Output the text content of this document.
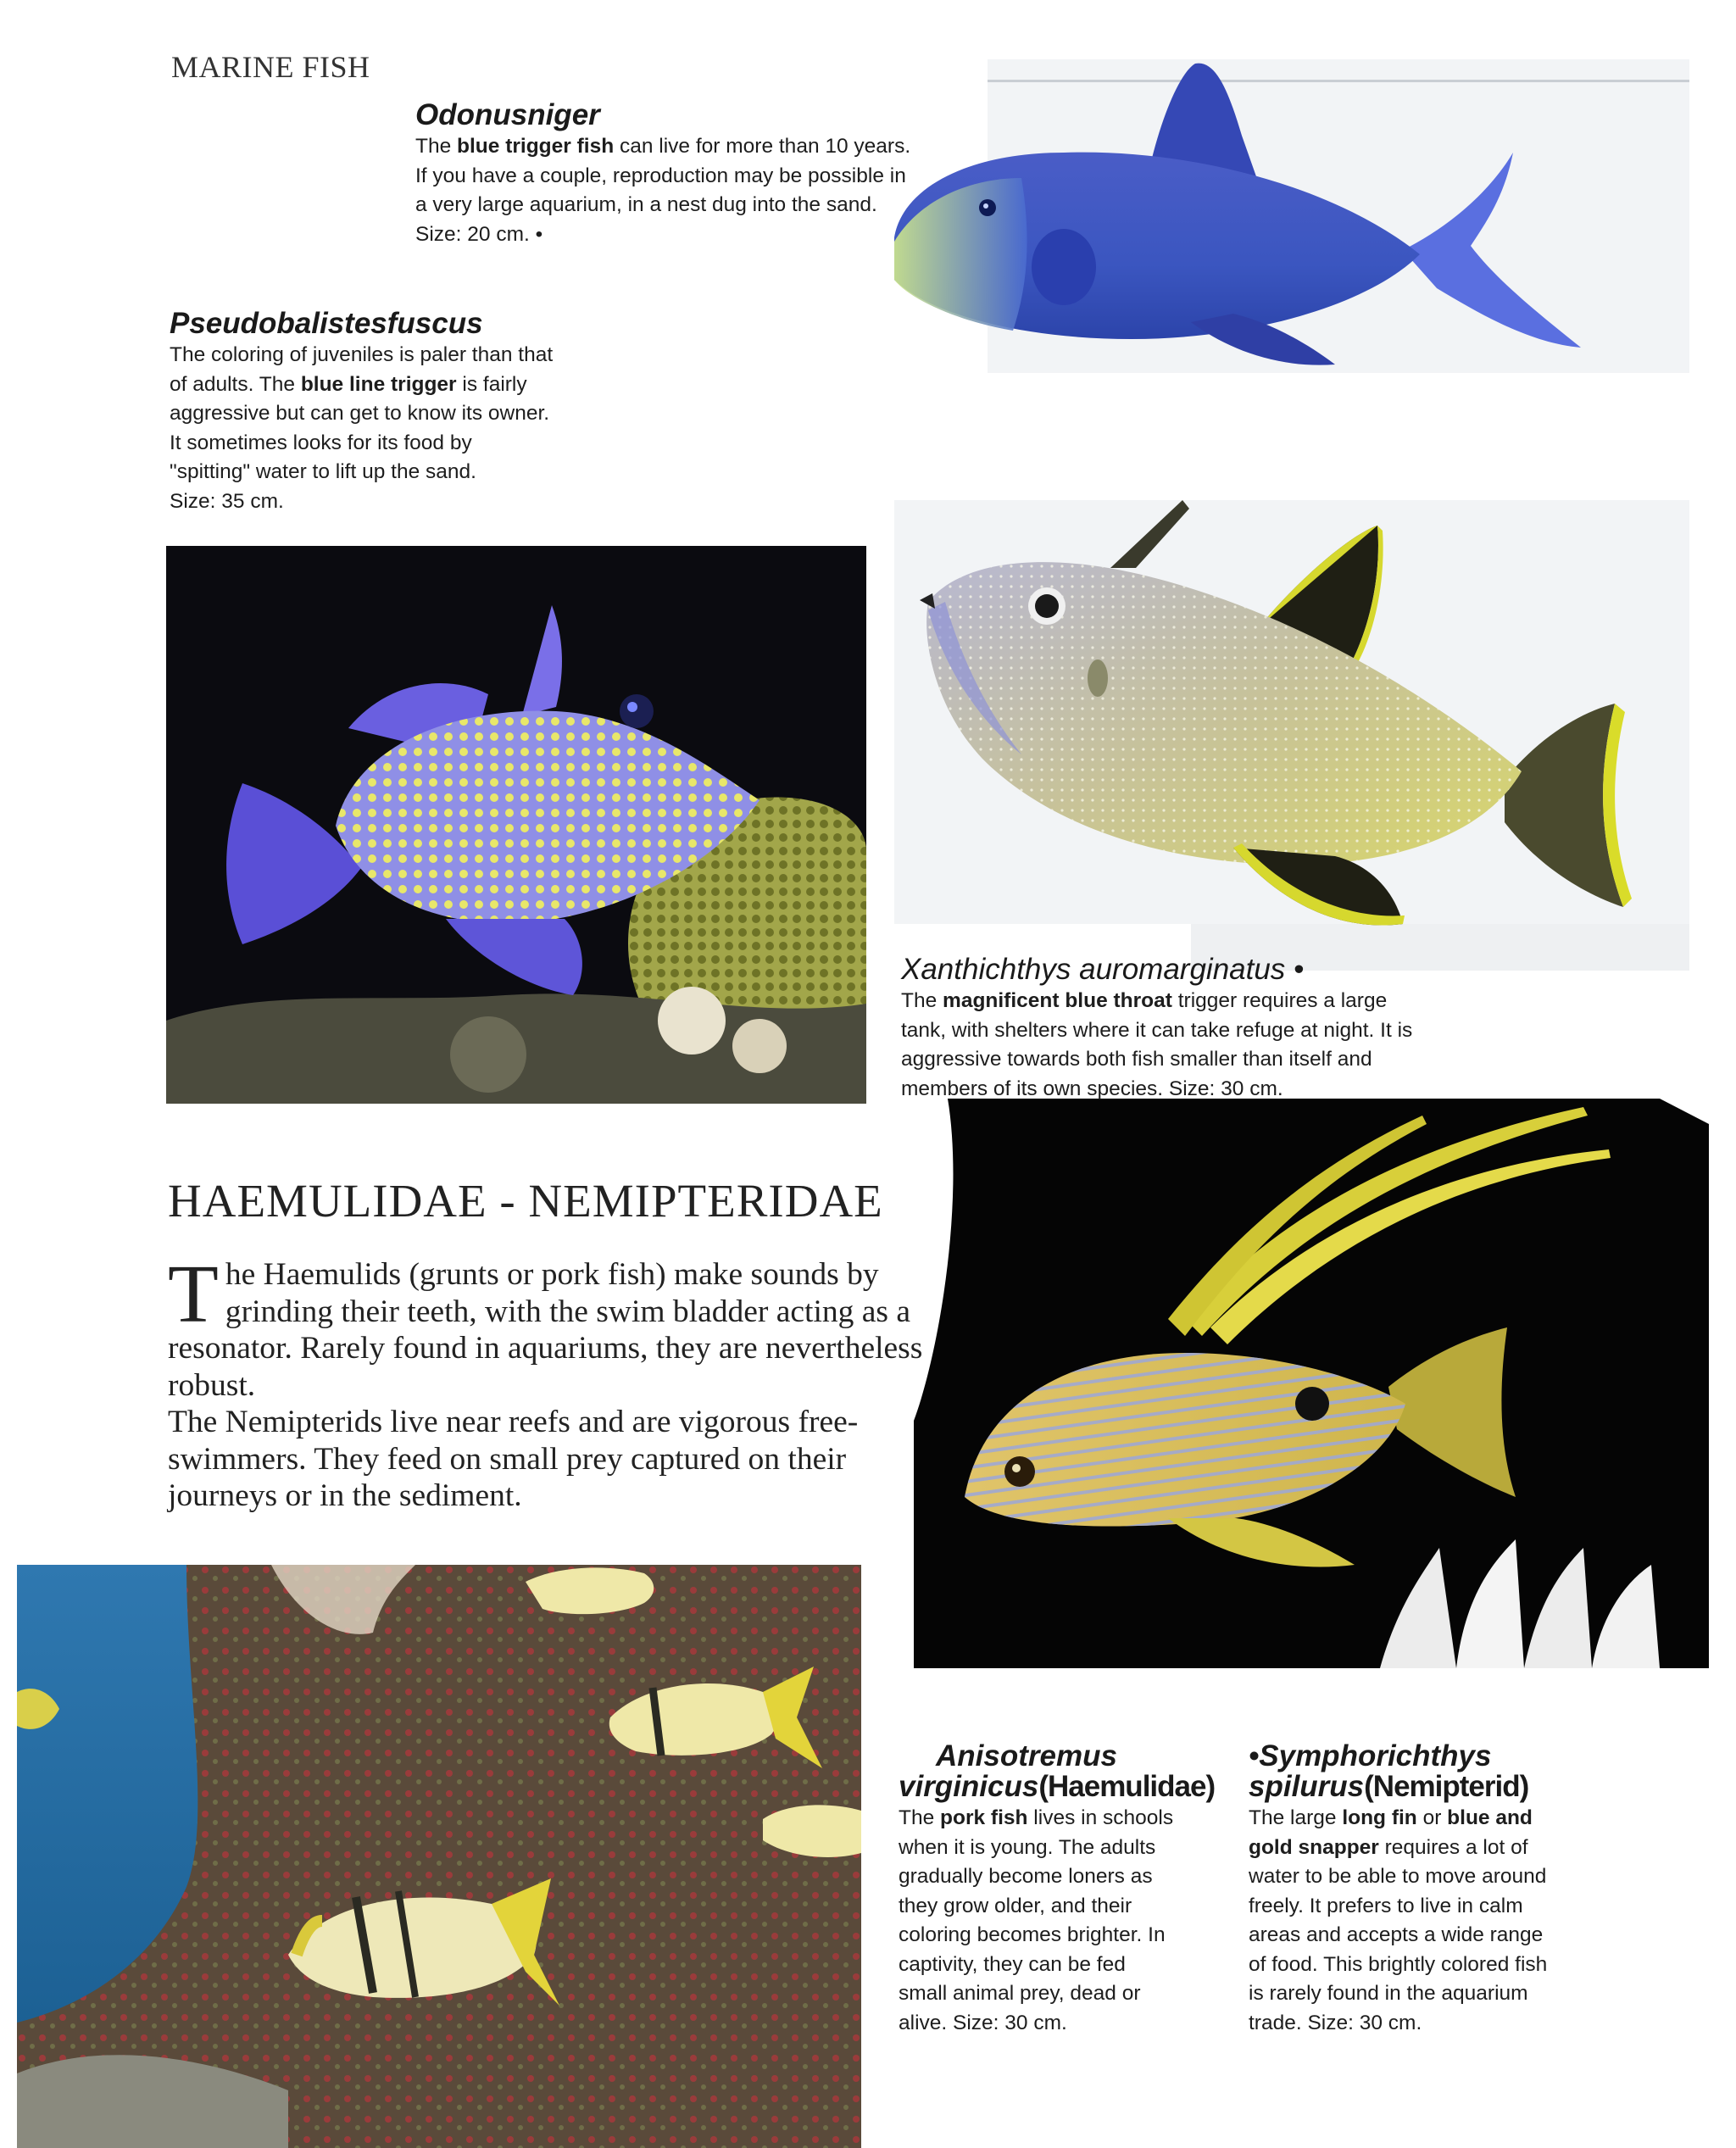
MARINE FISH
Odonusniger
The blue trigger fish can live for more than 10 years.
If you have a couple, reproduction may be possible in
a very large aquarium, in a nest dug into the sand.
Size: 20 cm. •
Pseudobalistesfuscus
The coloring of juveniles is paler than that
of adults. The blue line trigger is fairly
aggressive but can get to know its owner.
It sometimes looks for its food by
"spitting" water to lift up the sand.
Size: 35 cm.
Xanthichthys auromarginatus •
The magnificent blue throat trigger requires a large
tank, with shelters where it can take refuge at night. It is
aggressive towards both fish smaller than itself and
members of its own species. Size: 30 cm.
HAEMULIDAE - NEMIPTERIDAE

The Haemulids (grunts or pork fish) make sounds by grinding their teeth, with the swim bladder acting as a resonator. Rarely found in aquariums, they are nevertheless robust.

The Nemipterids live near reefs and are vigorous free-swimmers. They feed on small prey captured on their journeys or in the sediment.

Anisotremus
virginicus(Haemulidae)
The pork fish lives in schools
when it is young. The adults
gradually become loners as
they grow older, and their
coloring becomes brighter. In
captivity, they can be fed
small animal prey, dead or
alive. Size: 30 cm.
•Symphorichthys
spilurus(Nemipterid)
The large long fin or blue and
gold snapper requires a lot of
water to be able to move around
freely. It prefers to live in calm
areas and accepts a wide range
of food. This brightly colored fish
is rarely found in the aquarium
trade. Size: 30 cm.
